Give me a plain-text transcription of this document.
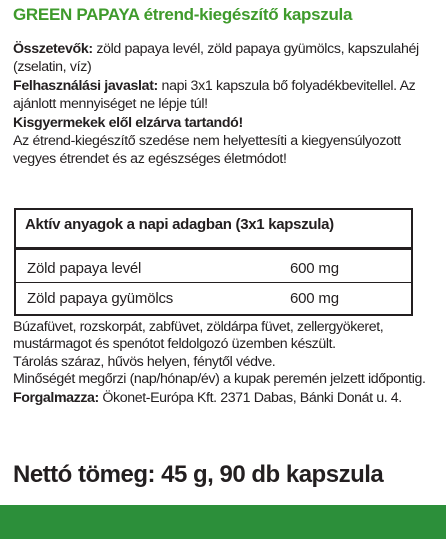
GREEN PAPAYA étrend-kiegészítő kapszula

Összetevők: zöld papaya levél, zöld papaya gyümölcs, kapszulahéj (zselatin, víz)

Felhasználási javaslat: napi 3x1 kapszula bő folyadékbevitellel. Az ajánlott mennyiséget ne lépje túl!

Kisgyermekek elől elzárva tartandó!

Az étrend-kiegészítő szedése nem helyettesíti a kiegyensúlyozott vegyes étrendet és az egészséges életmódot!

Aktív anyagok a napi adagban (3x1 kapszula)
Zöld papaya levél	600 mg
Zöld papaya gyümölcs	600 mg

Búzafüvet, rozskorpát, zabfüvet, zöldárpa füvet, zellergyökeret, mustármagot és spenótot feldolgozó üzemben készült.

Tárolás száraz, hűvös helyen, fénytől védve.

Minőségét megőrzi (nap/hónap/év) a kupak peremén jelzett időpontig.

Forgalmazza: Ökonet-Európa Kft. 2371 Dabas, Bánki Donát u. 4.

Nettó tömeg: 45 g, 90 db kapszula
